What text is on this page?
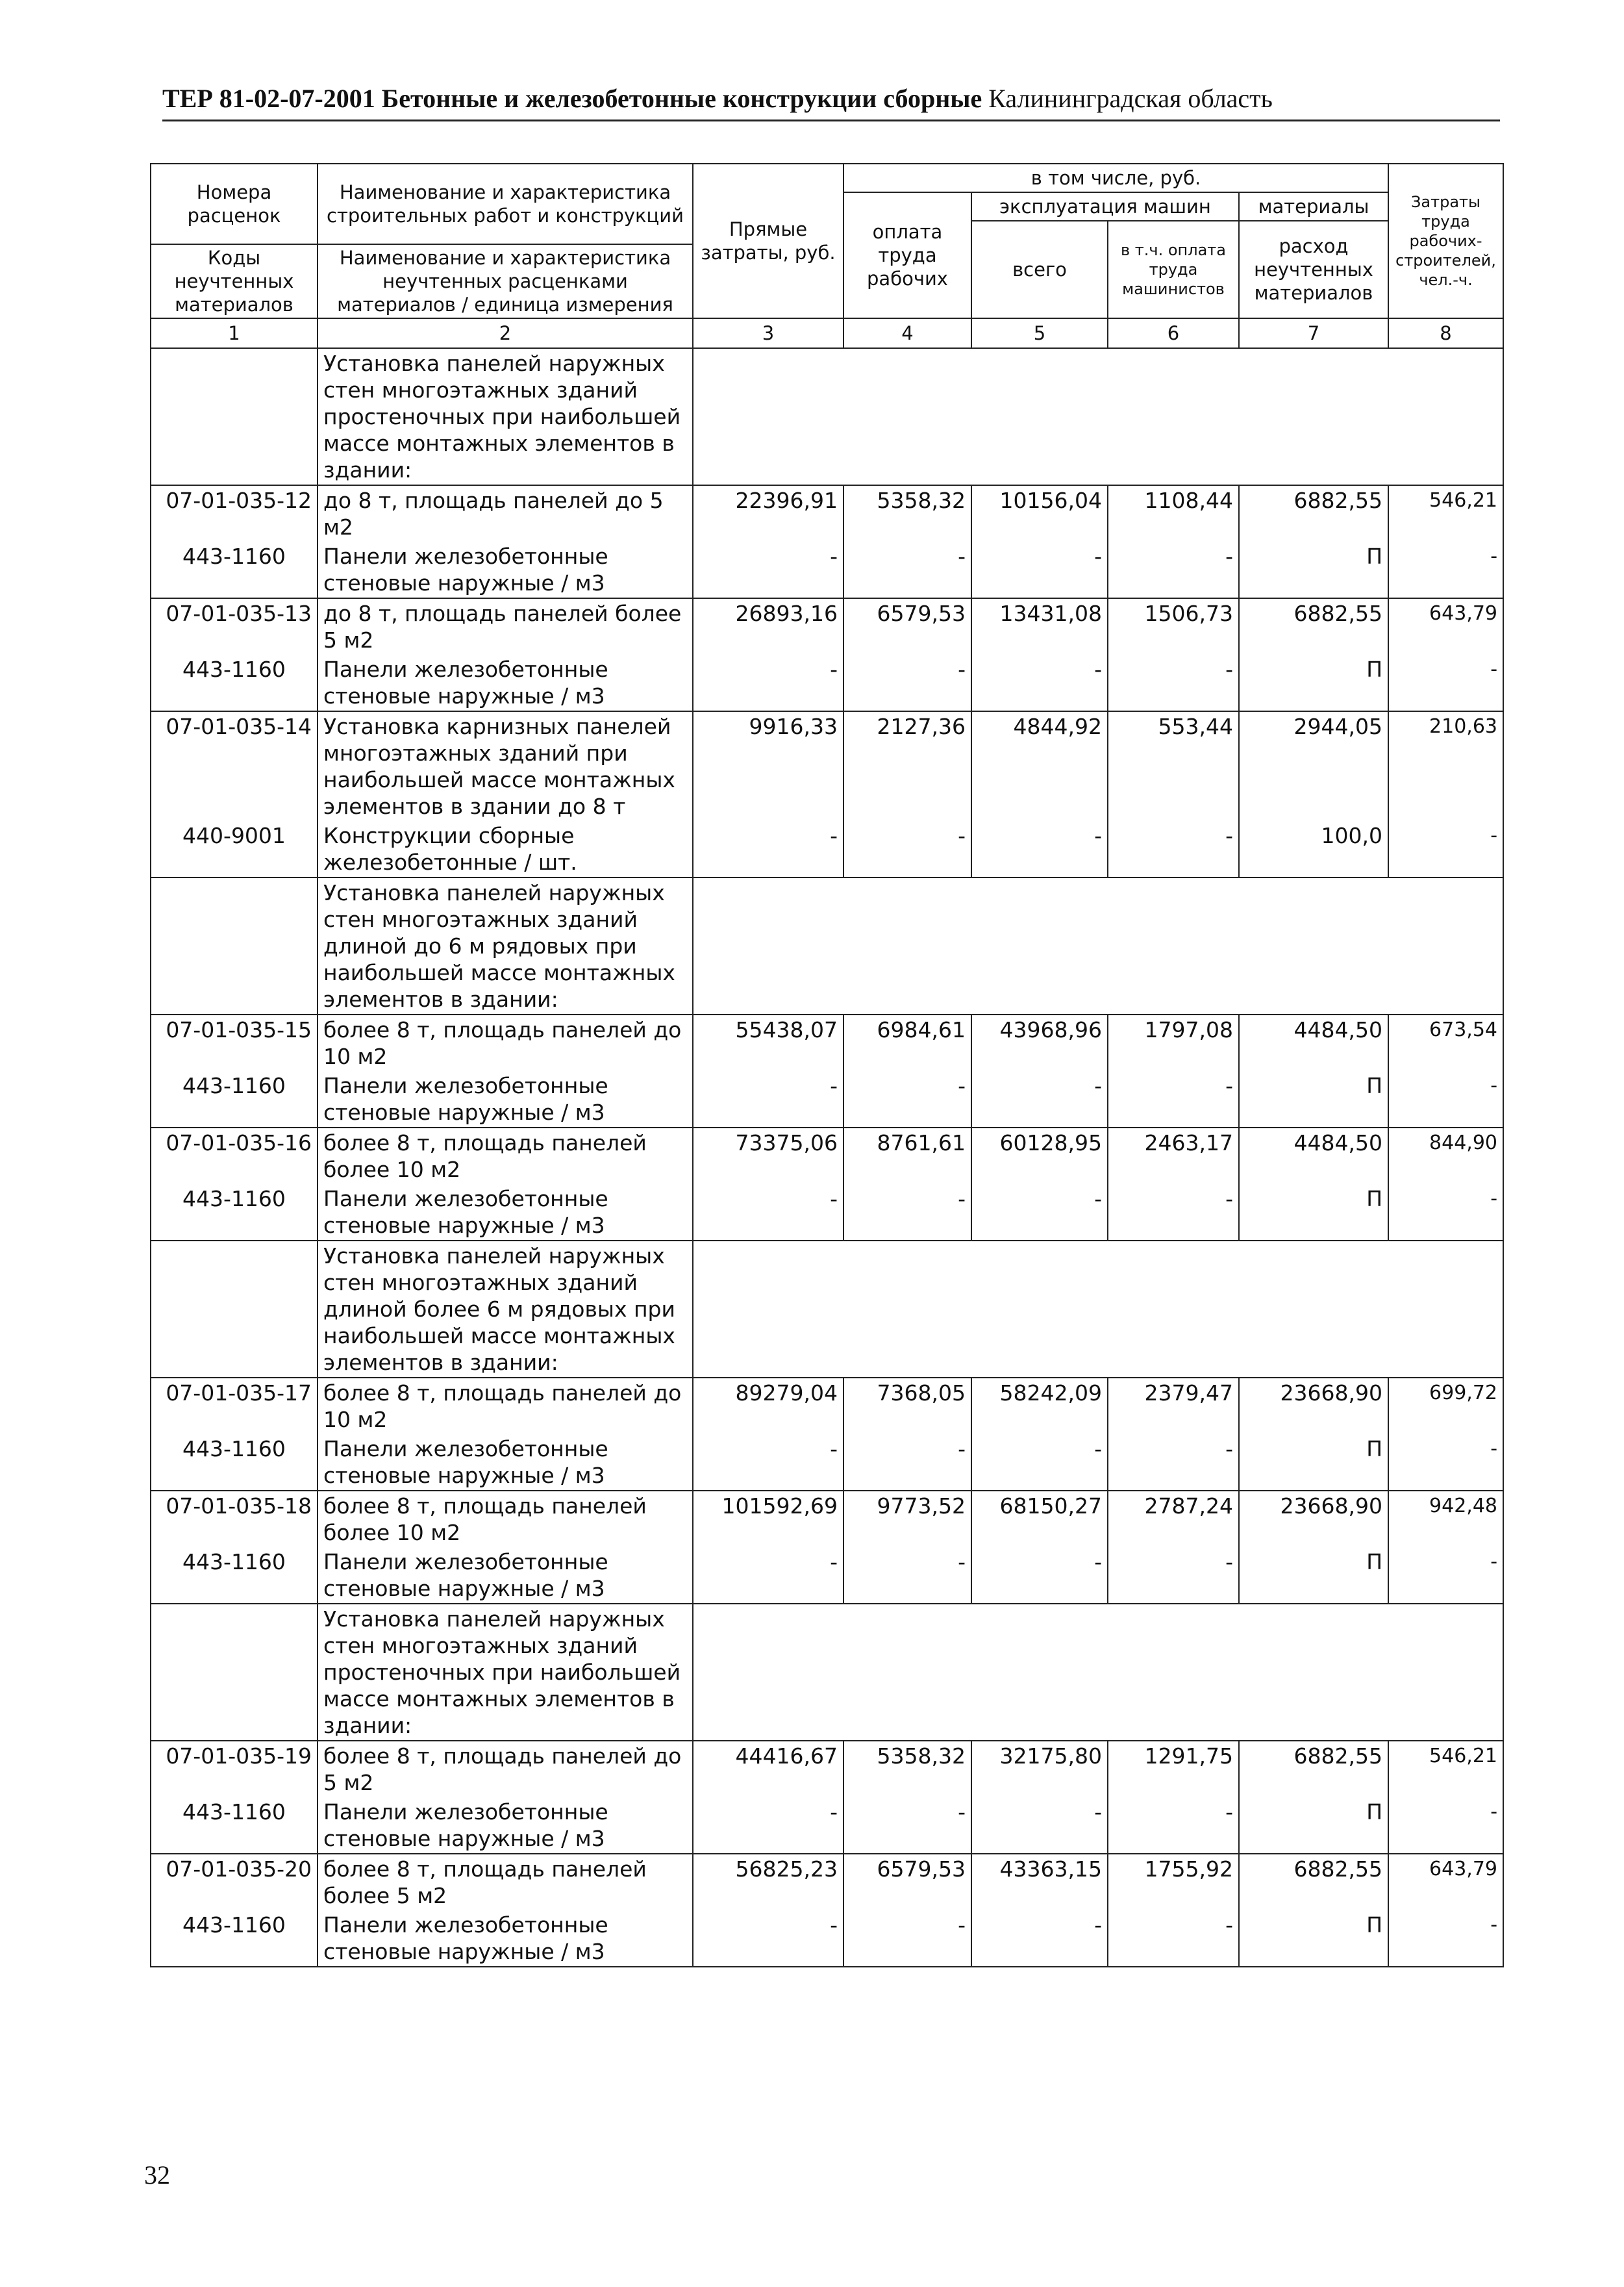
ТЕР 81-02-07-2001 Бетонные и железобетонные конструкции сборные Калининградская область
Номера расценок	Наименование и характеристика строительных работ и конструкций	Прямые затраты, руб.	в том числе, руб.				Затраты труда рабочих-строителей, чел.-ч.
			оплата труда рабочих	эксплуатация машин		материалы	
				всего	в т.ч. оплата труда машинистов	расход неучтенных материалов	
Коды неучтенных материалов	Наименование и характеристика неучтенных расценками материалов / единица измерения						

1	2	3	4	5	6	7	8
	Установка панелей наружных стен многоэтажных зданий простеночных при наибольшей массе монтажных элементов в здании:						
07-01-035-12	до 8 т, площадь панелей до 5 м2	22396,91	5358,32	10156,04	1108,44	6882,55	546,21
443-1160	Панели железобетонные стеновые наружные / м3	-	-	-	-	П	-
07-01-035-13	до 8 т, площадь панелей более 5 м2	26893,16	6579,53	13431,08	1506,73	6882,55	643,79
443-1160	Панели железобетонные стеновые наружные / м3	-	-	-	-	П	-
07-01-035-14	Установка карнизных панелей многоэтажных зданий при наибольшей массе монтажных элементов в здании до 8 т	9916,33	2127,36	4844,92	553,44	2944,05	210,63
440-9001	Конструкции сборные железобетонные / шт.	-	-	-	-	100,0	-
	Установка панелей наружных стен многоэтажных зданий длиной до 6 м рядовых при наибольшей массе монтажных элементов в здании:						
07-01-035-15	более 8 т, площадь панелей до 10 м2	55438,07	6984,61	43968,96	1797,08	4484,50	673,54
443-1160	Панели железобетонные стеновые наружные / м3	-	-	-	-	П	-
07-01-035-16	более 8 т, площадь панелей более 10 м2	73375,06	8761,61	60128,95	2463,17	4484,50	844,90
443-1160	Панели железобетонные стеновые наружные / м3	-	-	-	-	П	-
	Установка панелей наружных стен многоэтажных зданий длиной более 6 м рядовых при наибольшей массе монтажных элементов в здании:						
07-01-035-17	более 8 т, площадь панелей до 10 м2	89279,04	7368,05	58242,09	2379,47	23668,90	699,72
443-1160	Панели железобетонные стеновые наружные / м3	-	-	-	-	П	-
07-01-035-18	более 8 т, площадь панелей более 10 м2	101592,69	9773,52	68150,27	2787,24	23668,90	942,48
443-1160	Панели железобетонные стеновые наружные / м3	-	-	-	-	П	-
	Установка панелей наружных стен многоэтажных зданий простеночных при наибольшей массе монтажных элементов в здании:						
07-01-035-19	более 8 т, площадь панелей до 5 м2	44416,67	5358,32	32175,80	1291,75	6882,55	546,21
443-1160	Панели железобетонные стеновые наружные / м3	-	-	-	-	П	-
07-01-035-20	более 8 т, площадь панелей более 5 м2	56825,23	6579,53	43363,15	1755,92	6882,55	643,79
443-1160	Панели железобетонные стеновые наружные / м3	-	-	-	-	П	-
32
